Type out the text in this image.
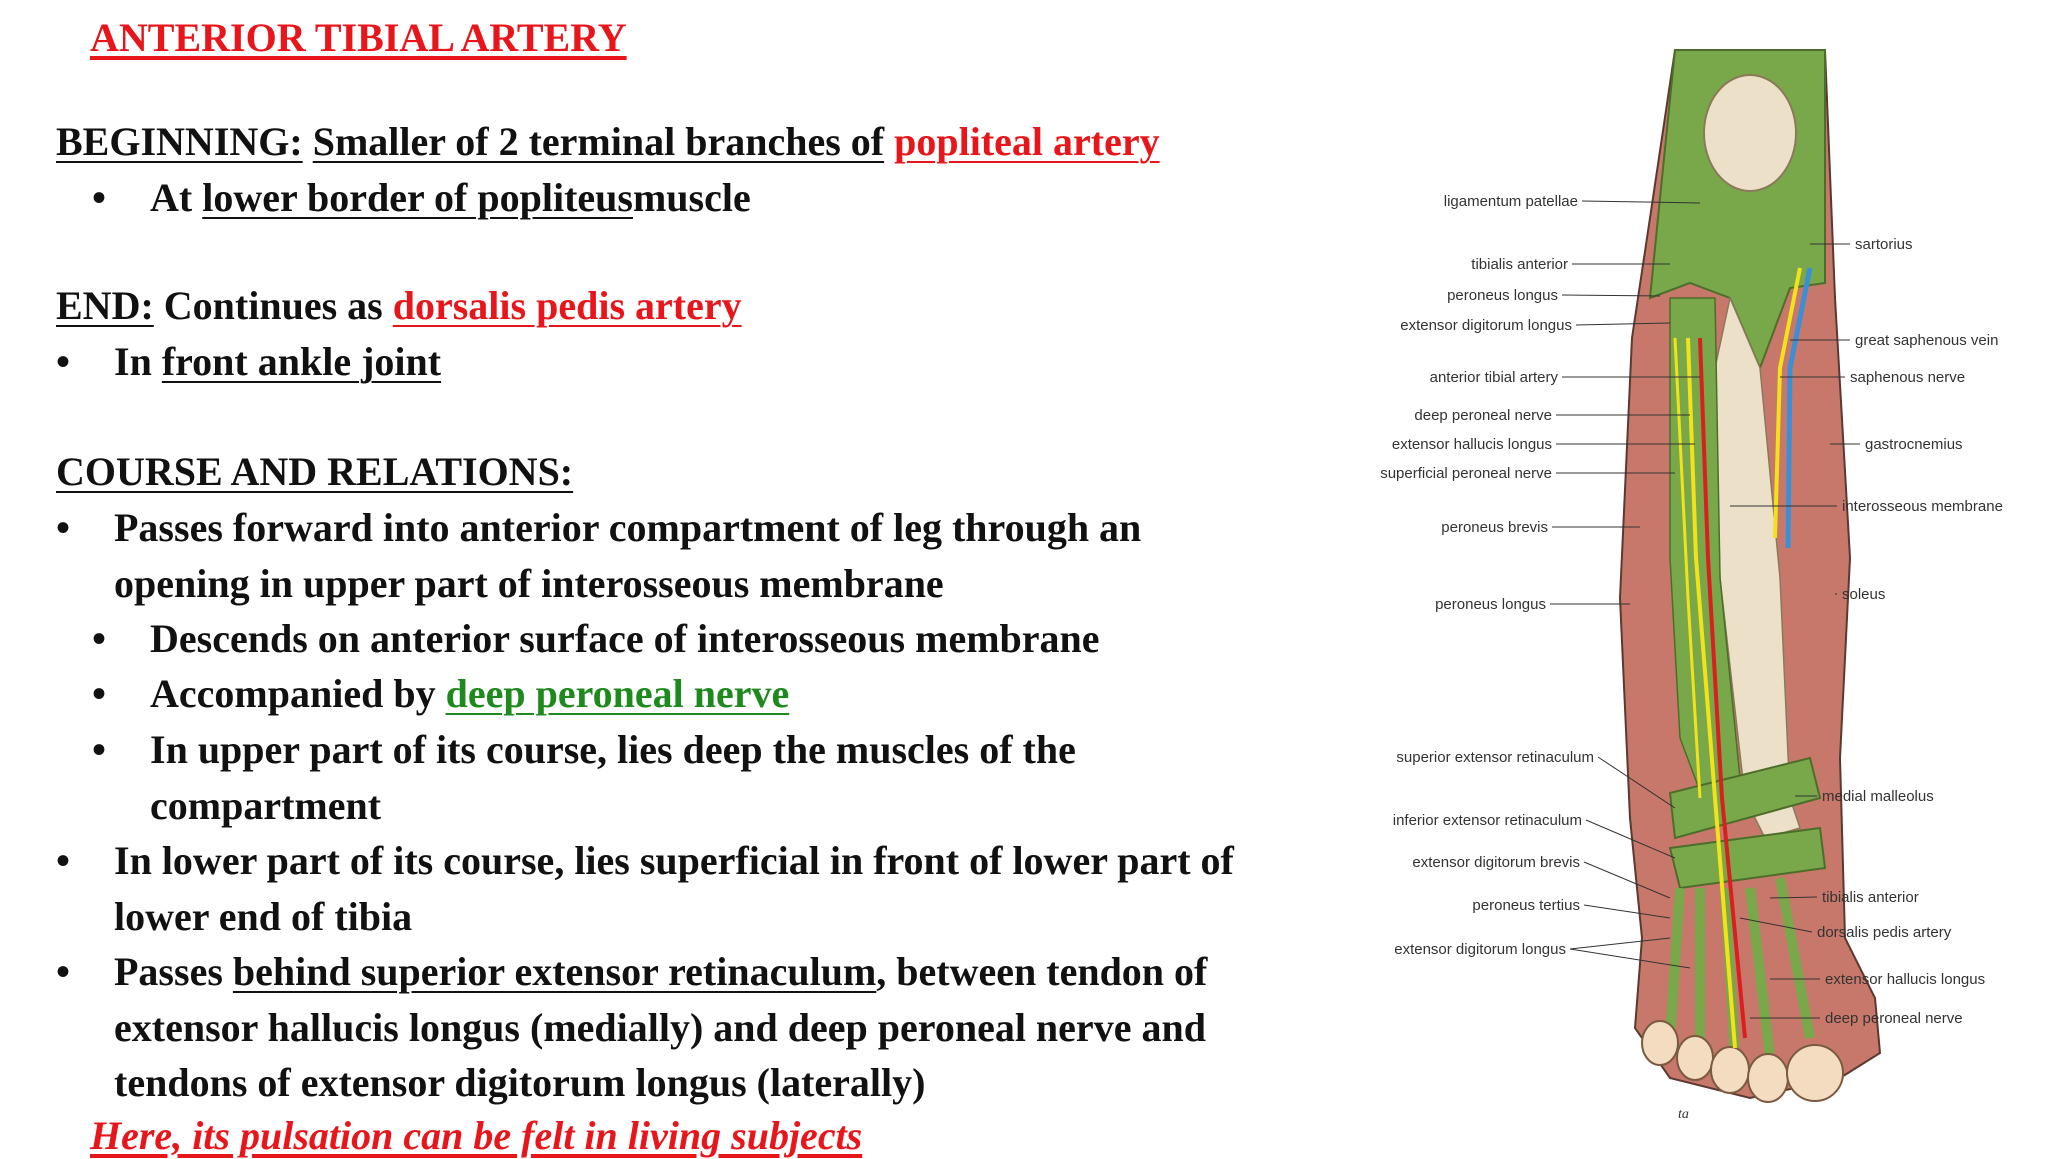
ANTERIOR TIBIAL ARTERY
BEGINNING: Smaller of 2 terminal branches of popliteal artery
• At lower border of popliteusmuscle
END: Continues as dorsalis pedis artery
• In front ankle joint
COURSE AND RELATIONS:
• Passes forward into anterior compartment of leg through an
opening in upper part of interosseous membrane
• Descends on anterior surface of interosseous membrane
• Accompanied by deep peroneal nerve
• In upper part of its course, lies deep the muscles of the
compartment
• In lower part of its course, lies superficial in front of lower part of
lower end of tibia
• Passes behind superior extensor retinaculum, between tendon of
extensor hallucis longus (medially) and deep peroneal nerve and
tendons of extensor digitorum longus (laterally)
Here, its pulsation can be felt in living subjects
ligamentum patellae
tibialis anterior
peroneus longus
extensor digitorum longus
anterior tibial artery
deep peroneal nerve
extensor hallucis longus
superficial peroneal nerve
peroneus brevis
peroneus longus
superior extensor retinaculum
inferior extensor retinaculum
extensor digitorum brevis
peroneus tertius
extensor digitorum longus
sartorius
great saphenous vein
saphenous nerve
gastrocnemius
interosseous membrane
soleus
medial malleolus
tibialis anterior
dorsalis pedis artery
extensor hallucis longus
deep peroneal nerve
ta
